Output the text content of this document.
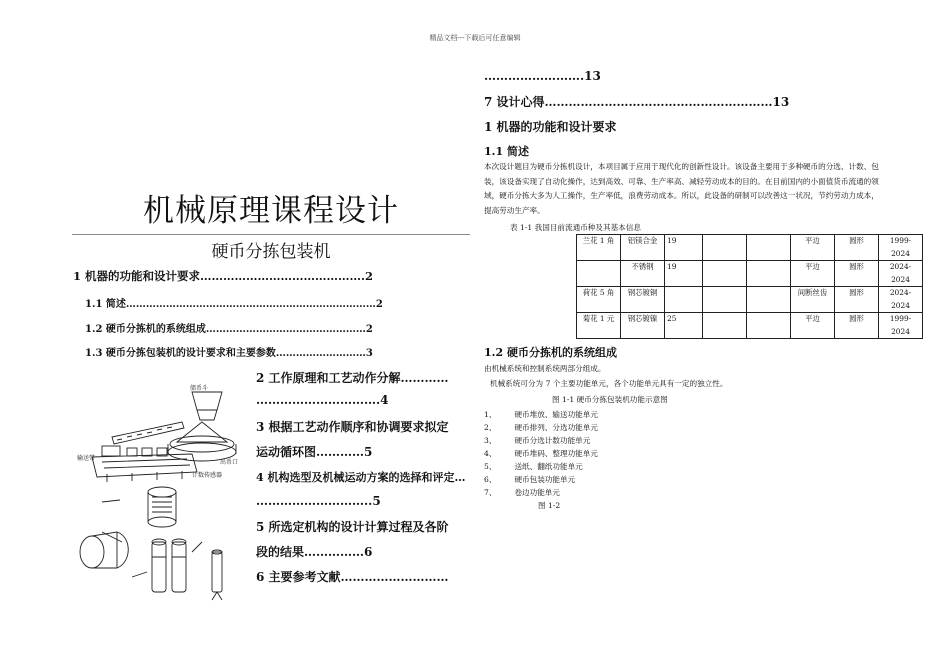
精品文档---下载后可任意编辑
机械原理课程设计
硬币分拣包装机
1 机器的功能和设计要求…………………………………….2
1.1 简述…………………………………………………………………2
1.2 硬币分拣机的系统组成…………………………………………2
1.3 硬币分拣包装机的设计要求和主要参数………………………3
2 工作原理和工艺动作分解…………
………………………….4
3 根据工艺动作顺序和协调要求拟定
运动循环图…………5
4 机构选型及机械运动方案的选择和评定…
………………………..5
5 所选定机构的设计计算过程及各阶
段的结果……………6
6 主要参考文献………………………
储币斗
输送带
计数传感器
出币口
…………………….13
7 设计心得…………………………………………………13
1 机器的功能和设计要求
1.1 简述
本次设计题目为硬币分拣机设计，本项目属于应用于现代化的创新性设计。该设备主要用于多种硬币的分选、计数、包装，该设备实现了自动化操作，达到高效、可靠、生产率高、减轻劳动成本的目的。在目前国内的小面值货币流通的领域，硬币分拣大多为人工操作，生产率低，浪费劳动成本。所以，此设备的研制可以改善这一状况，节约劳动力成本，提高劳动生产率。
表 1-1 我国目前流通币种及其基本信息
兰花 1 角	铝镁合金	19			平边	圆形	1999-2024
	不锈钢	19			平边	圆形	2024-2024
荷花 5 角	钢芯镀铜				间断丝齿	圆形	2024-2024
菊花 1 元	钢芯镀镍	25			平边	圆形	1999-2024
1.2 硬币分拣机的系统组成
由机械系统和控制系统两部分组成。
机械系统可分为 7 个主要功能单元，各个功能单元具有一定的独立性。
图 1-1 硬币分拣包装机功能示意图
1、 硬币堆放、输送功能单元
2、 硬币排列、分选功能单元
3、 硬币分选计数功能单元
4、 硬币堆码、整理功能单元
5、 送纸、翻纸功能单元
6、 硬币包装功能单元
7、 卷边功能单元
图 1-2
